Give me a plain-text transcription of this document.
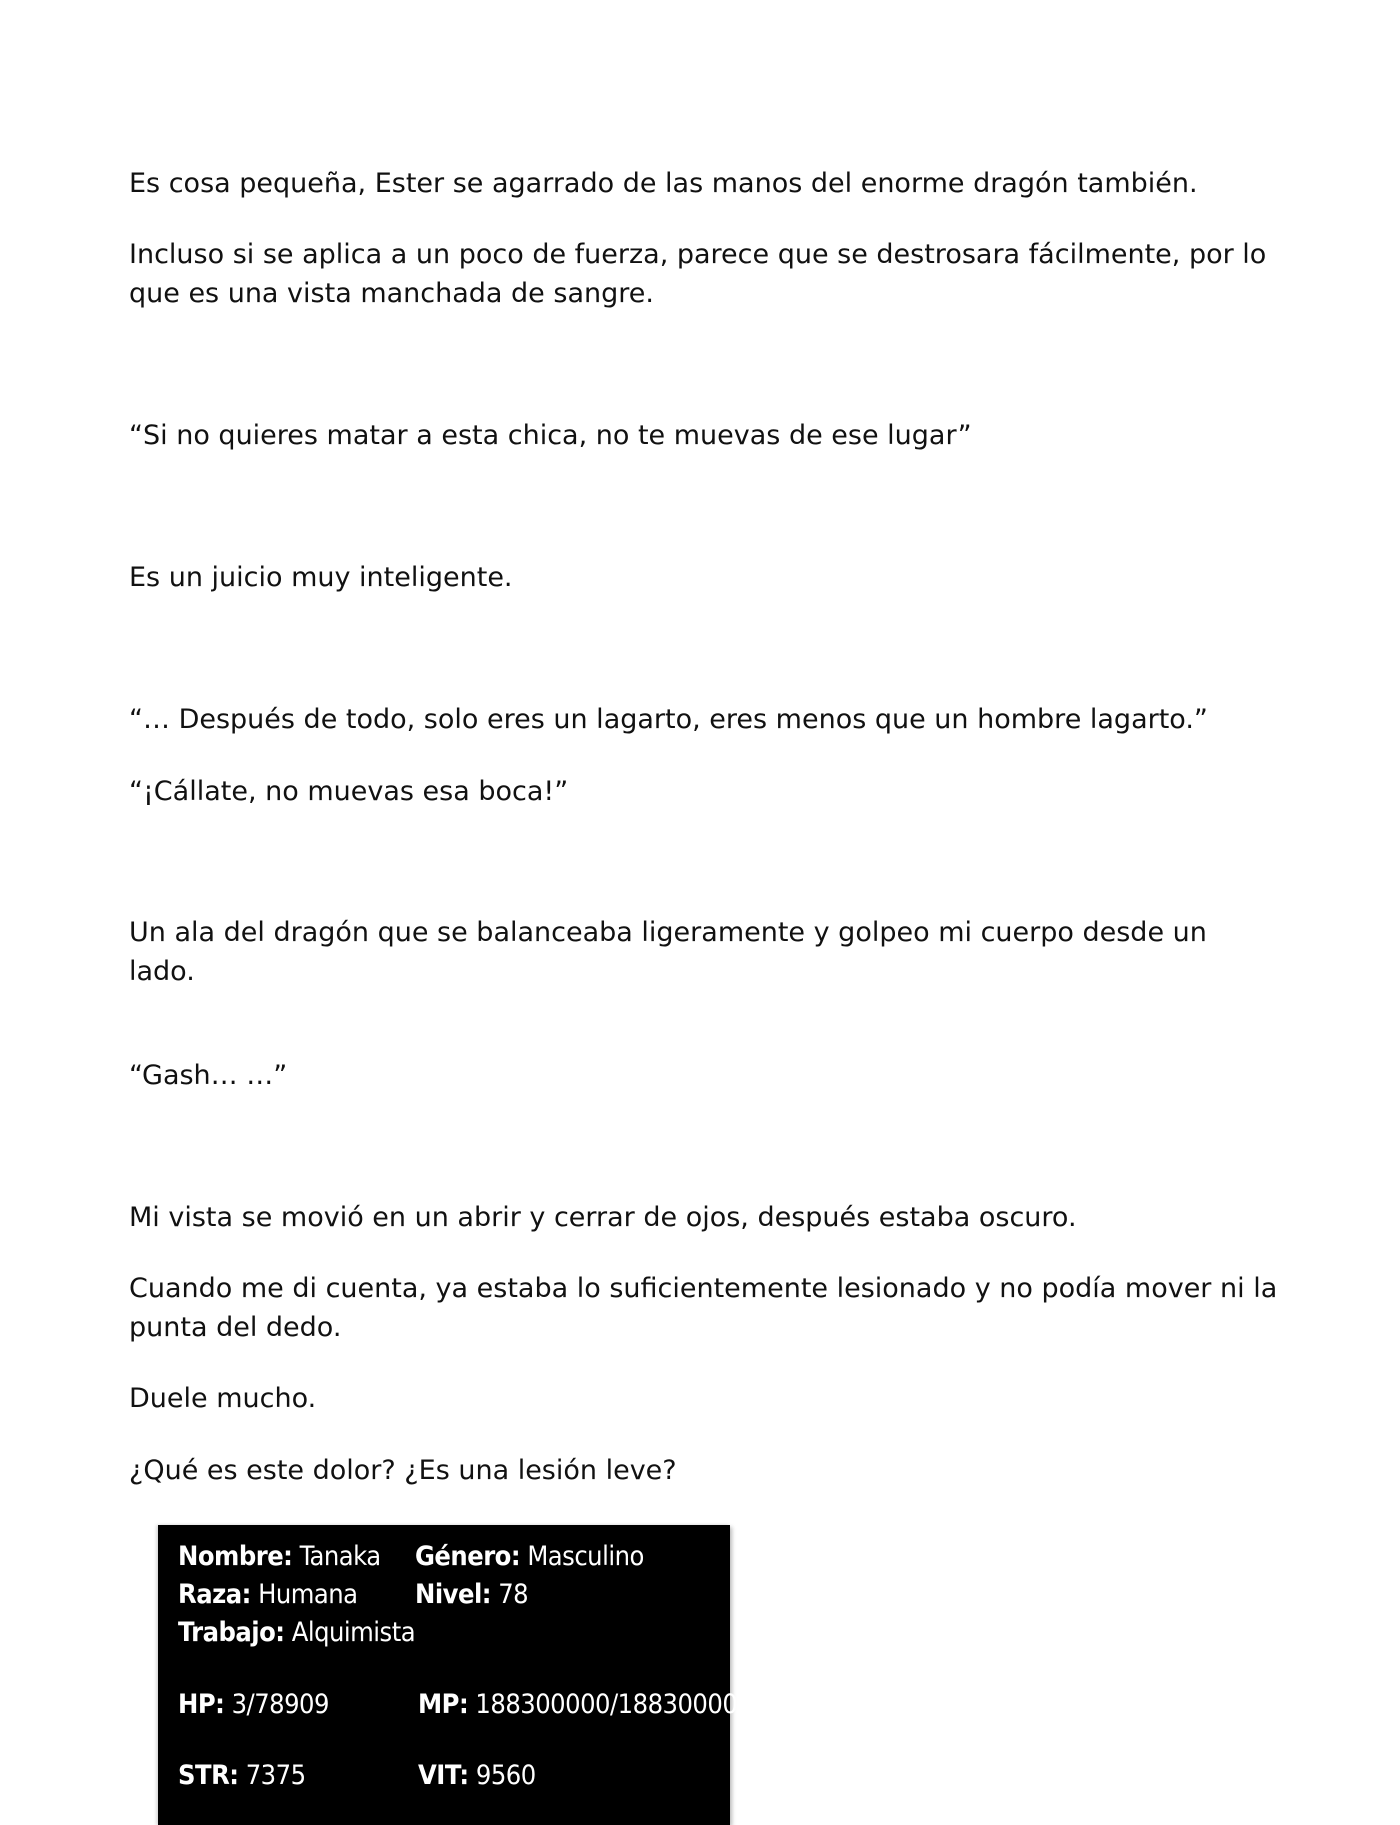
Es cosa pequeña, Ester se agarrado de las manos del enorme dragón también.

Incluso si se aplica a un poco de fuerza, parece que se destrosara fácilmente, por lo que es una vista manchada de sangre.

“Si no quieres matar a esta chica, no te muevas de ese lugar”

Es un juicio muy inteligente.

“… Después de todo, solo eres un lagarto, eres menos que un hombre lagarto.”

“¡Cállate, no muevas esa boca!”

Un ala del dragón que se balanceaba ligeramente y golpeo mi cuerpo desde un lado.

“Gash… …”

Mi vista se movió en un abrir y cerrar de ojos, después estaba oscuro.

Cuando me di cuenta, ya estaba lo suficientemente lesionado y no podía mover ni la punta del dedo.

Duele mucho.

¿Qué es este dolor? ¿Es una lesión leve?

Nombre: Tanaka Género: Masculino
Raza: Humana Nivel: 78
Trabajo: Alquimista
HP: 3/78909	MP: 188300000/188300000
STR: 7375	VIT: 9560
